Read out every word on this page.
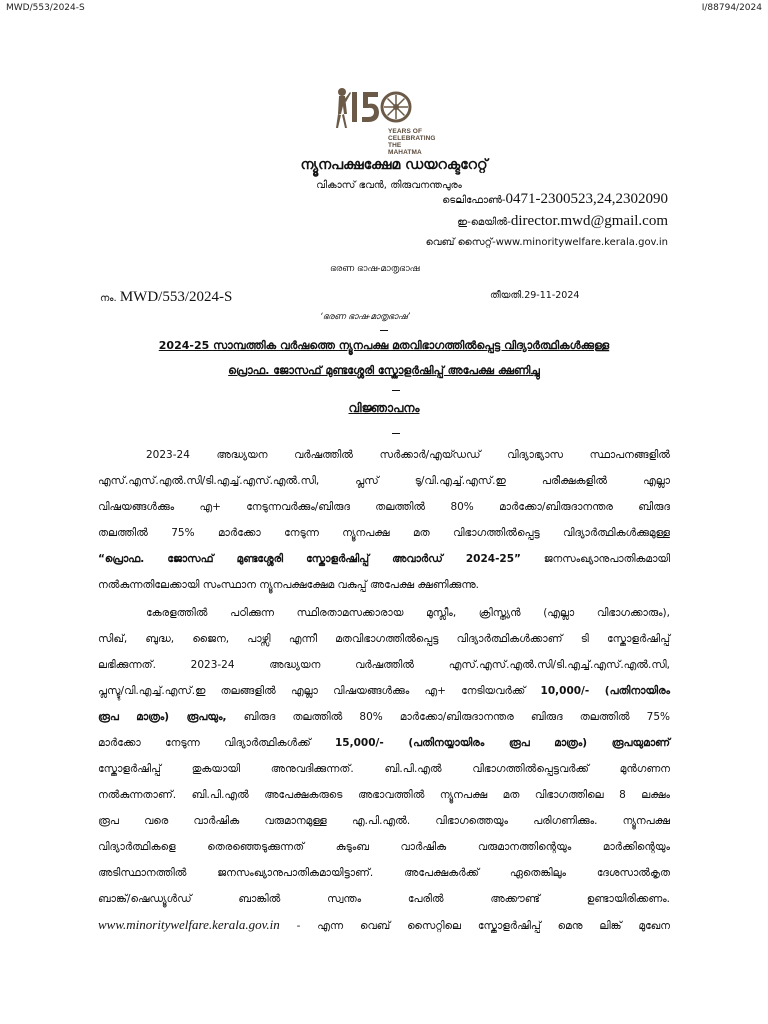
MWD/553/2024-S	I/88794/2024
YEARS OF
CELEBRATING
THE MAHATMA
ന്യൂനപക്ഷക്ഷേമ ഡയറക്ടറേറ്റ്
വികാസ് ഭവൻ, തിരുവനന്തപുരം
ടെലിഫോൺ-0471-2300523,24,2302090
ഇ-മെയിൽ-director.mwd@gmail.com
വെബ് സൈറ്റ്-www.minoritywelfare.kerala.gov.in
ഭരണ ഭാഷ-മാതൃഭാഷ
നം. MWD/553/2024-S	തീയതി.29-11-2024
‘ഭരണ ഭാഷ-മാതൃഭാഷ’
2024-25 സാമ്പത്തിക വർഷത്തെ ന്യൂനപക്ഷ മതവിഭാഗത്തിൽപ്പെട്ട വിദ്യാർത്ഥികൾക്കുള്ള
പ്രൊഫ. ജോസഫ് മുണ്ടശ്ശേരി സ്കോളർഷിപ്പ് അപേക്ഷ ക്ഷണിച്ചു
വിജ്ഞാപനം
2023-24 അദ്ധ്യയന വർഷത്തിൽ സർക്കാർ/എയ്ഡഡ് വിദ്യാഭ്യാസ സ്ഥാപനങ്ങളിൽ
എസ്.എസ്.എൽ.സി/ടി.എച്ച്.എസ്.എൽ.സി, പ്ലസ് ടു/വി.എച്ച്.എസ്.ഇ പരീക്ഷകളിൽ എല്ലാ
വിഷയങ്ങൾക്കും എ+ നേടുന്നവർക്കും/ബിരുദ തലത്തിൽ 80% മാർക്കോ/ബിരുദാനന്തര ബിരുദ
തലത്തിൽ 75% മാർക്കോ നേടുന്ന ന്യൂനപക്ഷ മത വിഭാഗത്തിൽപ്പെട്ട വിദ്യാർത്ഥികൾക്കുമുള്ള
“പ്രൊഫ. ജോസഫ് മുണ്ടശ്ശേരി സ്കോളർഷിപ്പ് അവാർഡ് 2024-25” ജനസംഖ്യാനുപാതികമായി
നൽകുന്നതിലേക്കായി സംസ്ഥാന ന്യൂനപക്ഷക്ഷേമ വകുപ്പ് അപേക്ഷ ക്ഷണിക്കുന്നു.
കേരളത്തിൽ പഠിക്കുന്ന സ്ഥിരതാമസക്കാരായ മുസ്ലീം, ക്രിസ്ത്യൻ (എല്ലാ വിഭാഗക്കാരും),
സിഖ്, ബുദ്ധ, ജൈന, പാഴ്സി എന്നീ മതവിഭാഗത്തിൽപ്പെട്ട വിദ്യാർത്ഥികൾക്കാണ് ടി സ്കോളർഷിപ്പ്
ലഭിക്കുന്നത്. 2023-24 അദ്ധ്യയന വർഷത്തിൽ എസ്.എസ്.എൽ.സി/ടി.എച്ച്.എസ്.എൽ.സി,
പ്ലസ്ടു/വി.എച്ച്.എസ്.ഇ തലങ്ങളിൽ എല്ലാ വിഷയങ്ങൾക്കും എ+ നേടിയവർക്ക് 10,000/- (പതിനായിരം
രൂപ മാത്രം) രൂപയും, ബിരുദ തലത്തിൽ 80% മാർക്കോ/ബിരുദാനന്തര ബിരുദ തലത്തിൽ 75%
മാർക്കോ നേടുന്ന വിദ്യാർത്ഥികൾക്ക് 15,000/- (പതിനയ്യായിരം രൂപ മാത്രം) രൂപയുമാണ്
സ്കോളർഷിപ്പ് തുകയായി അനുവദിക്കുന്നത്. ബി.പി.എൽ വിഭാഗത്തിൽപ്പെട്ടവർക്ക് മുൻഗണന
നൽകുന്നതാണ്. ബി.പി.എൽ അപേക്ഷകരുടെ അഭാവത്തിൽ ന്യൂനപക്ഷ മത വിഭാഗത്തിലെ 8 ലക്ഷം
രൂപ വരെ വാർഷിക വരുമാനമുള്ള എ.പി.എൽ. വിഭാഗത്തെയും പരിഗണിക്കും. ന്യൂനപക്ഷ
വിദ്യാർത്ഥികളെ തെരഞ്ഞെടുക്കുന്നത് കുടുംബ വാർഷിക വരുമാനത്തിന്റെയും മാർക്കിന്റെയും
അടിസ്ഥാനത്തിൽ ജനസംഖ്യാനുപാതികമായിട്ടാണ്. അപേക്ഷകർക്ക് ഏതെങ്കിലും ദേശസാൽകൃത
ബാങ്ക്/ഷെഡ്യൂൾഡ് ബാങ്കിൽ സ്വന്തം പേരിൽ അക്കൗണ്ട് ഉണ്ടായിരിക്കണം.
www.minoritywelfare.kerala.gov.in - എന്ന വെബ് സൈറ്റിലെ സ്കോളർഷിപ്പ് മെനു ലിങ്ക് മുഖേന
